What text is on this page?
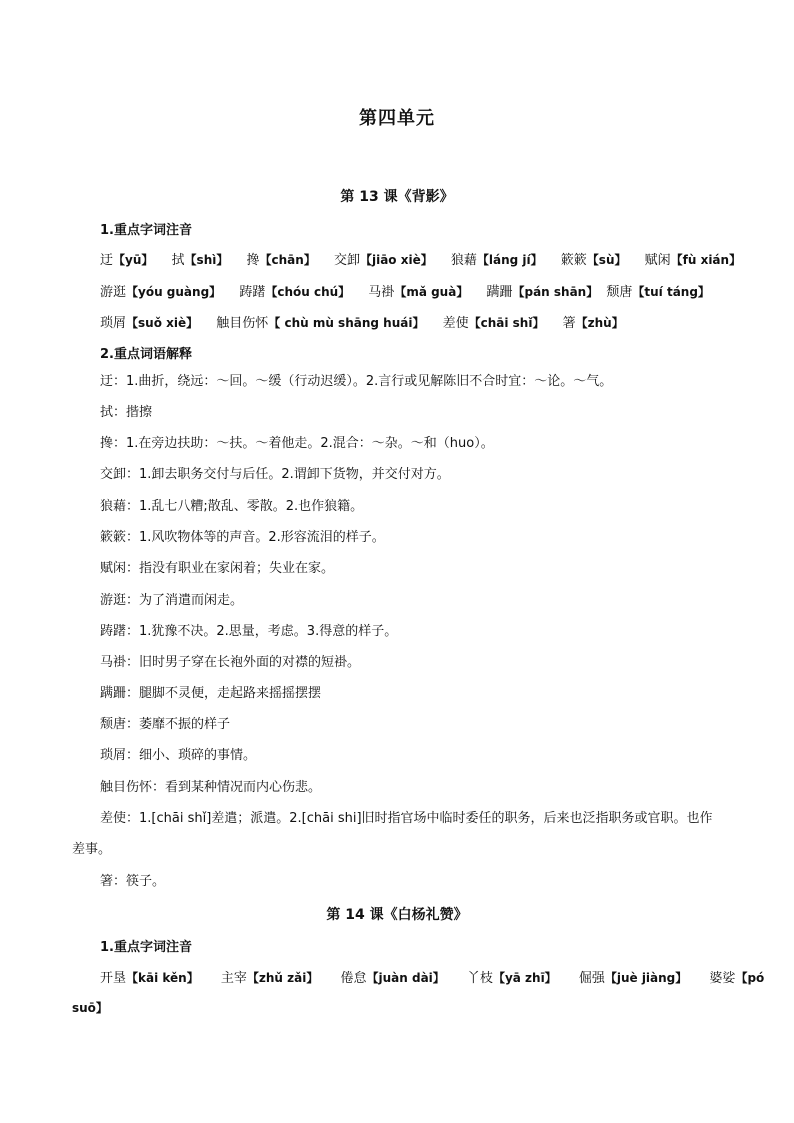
第四单元
第 13 课《背影》
1.重点字词注音
迂【yū】 拭【shì】 搀【chān】 交卸【jiāo xiè】 狼藉【láng jí】 簌簌【sù】 赋闲【fù xián】
游逛【yóu guàng】 踌躇【chóu chú】 马褂【mǎ guà】 蹒跚【pán shān】 颓唐【tuí táng】
琐屑【suǒ xiè】 触目伤怀【 chù mù shāng huái】 差使【chāi shǐ】 箸【zhù】
2.重点词语解释
迂：1.曲折，绕远：～回。～缓（行动迟缓）。2.言行或见解陈旧不合时宜：～论。～气。
拭：揩擦
搀：1.在旁边扶助：～扶。～着他走。2.混合：～杂。～和（huo）。
交卸：1.卸去职务交付与后任。2.谓卸下货物，并交付对方。
狼藉：1.乱七八糟;散乱、零散。2.也作狼籍。
簌簌：1.风吹物体等的声音。2.形容流泪的样子。
赋闲：指没有职业在家闲着；失业在家。
游逛：为了消遣而闲走。
踌躇：1.犹豫不决。2.思量，考虑。3.得意的样子。
马褂：旧时男子穿在长袍外面的对襟的短褂。
蹒跚：腿脚不灵便，走起路来摇摇摆摆
颓唐：萎靡不振的样子
琐屑：细小、琐碎的事情。
触目伤怀：看到某种情况而内心伤悲。
差使：1.[chāi shǐ]差遣；派遣。2.[chāi shi]旧时指官场中临时委任的职务，后来也泛指职务或官职。也作差事。
箸：筷子。
第 14 课《白杨礼赞》
1.重点字词注音
开垦【kāi kěn】 主宰【zhǔ zǎi】 倦怠【juàn dài】 丫枝【yā zhī】 倔强【juè jiàng】 婆娑【pó
suō】
